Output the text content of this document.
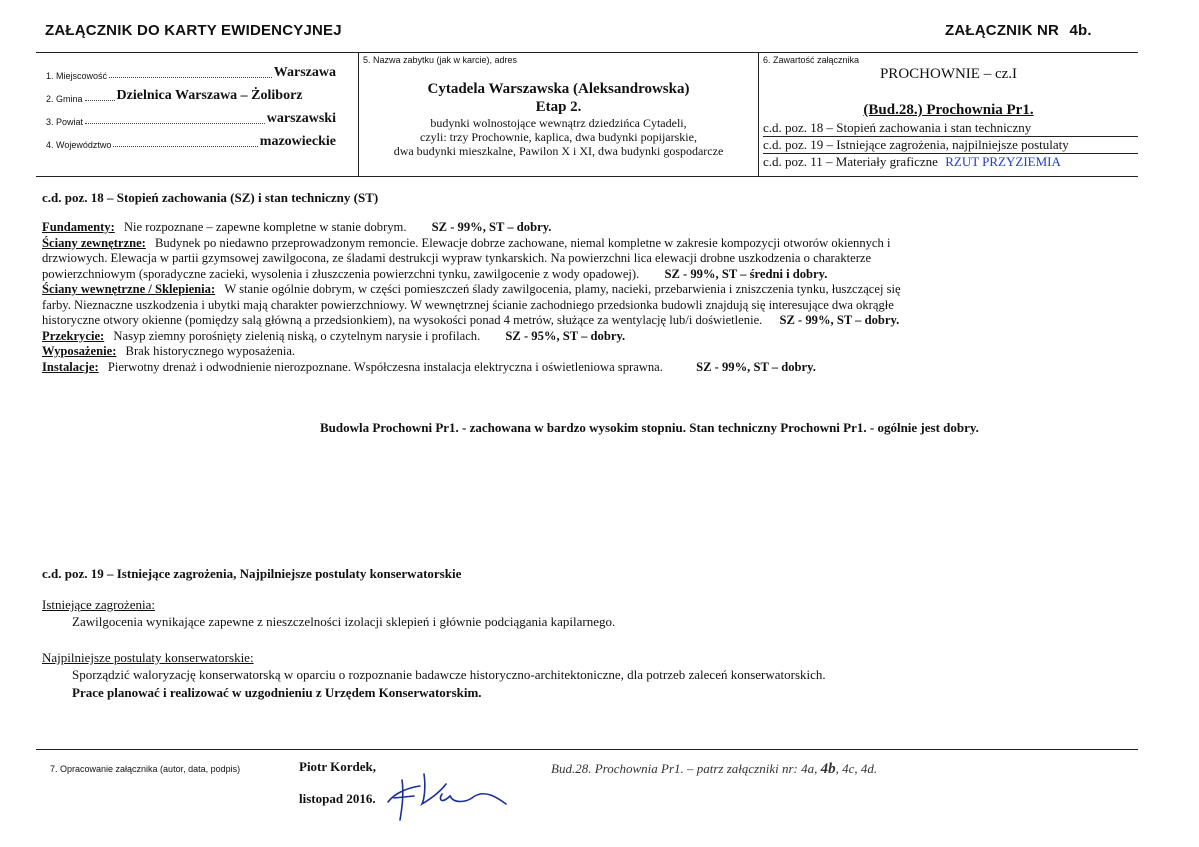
ZAŁĄCZNIK DO KARTY EWIDENCYJNEJ	ZAŁĄCZNIK NR 4b.
1. Miejscowość	Warszawa
2. Gmina Dzielnica Warszawa – Żoliborz
3. Powiat	warszawski
4. Województwo	mazowieckie
5. Nazwa zabytku (jak w karcie), adres
Cytadela Warszawska (Aleksandrowska)
Etap 2.
budynki wolnostojące wewnątrz dziedzińca Cytadeli,
czyli: trzy Prochownie, kaplica, dwa budynki popijarskie,
dwa budynki mieszkalne, Pawilon X i XI, dwa budynki gospodarcze
6. Zawartość załącznika
PROCHOWNIE – cz.I
(Bud.28.) Prochownia Pr1.
c.d. poz. 18 – Stopień zachowania i stan techniczny
c.d. poz. 19 – Istniejące zagrożenia, najpilniejsze postulaty
c.d. poz. 11 – Materiały graficzne RZUT PRZYZIEMIA
c.d. poz. 18 – Stopień zachowania (SZ) i stan techniczny (ST)

Fundamenty: Nie rozpoznane – zapewne kompletne w stanie dobrym. SZ - 99%, ST – dobry.

Ściany zewnętrzne: Budynek po niedawno przeprowadzonym remoncie. Elewacje dobrze zachowane, niemal kompletne w zakresie kompozycji otworów okiennych i

drzwiowych. Elewacja w partii gzymsowej zawilgocona, ze śladami destrukcji wypraw tynkarskich. Na powierzchni lica elewacji drobne uszkodzenia o charakterze

powierzchniowym (sporadyczne zacieki, wysolenia i złuszczenia powierzchni tynku, zawilgocenie z wody opadowej). SZ - 99%, ST – średni i dobry.

Ściany wewnętrzne / Sklepienia: W stanie ogólnie dobrym, w części pomieszczeń ślady zawilgocenia, plamy, nacieki, przebarwienia i zniszczenia tynku, łuszczącej się

farby. Nieznaczne uszkodzenia i ubytki mają charakter powierzchniowy. W wewnętrznej ścianie zachodniego przedsionka budowli znajdują się interesujące dwa okrągłe

historyczne otwory okienne (pomiędzy salą główną a przedsionkiem), na wysokości ponad 4 metrów, służące za wentylację lub/i doświetlenie. SZ - 99%, ST – dobry.

Przekrycie: Nasyp ziemny porośnięty zielenią niską, o czytelnym narysie i profilach. SZ - 95%, ST – dobry.

Wyposażenie: Brak historycznego wyposażenia.

Instalacje: Pierwotny drenaż i odwodnienie nierozpoznane. Współczesna instalacja elektryczna i oświetleniowa sprawna.	SZ - 99%, ST – dobry.

Budowla Prochowni Pr1. - zachowana w bardzo wysokim stopniu. Stan techniczny Prochowni Pr1. - ogólnie jest dobry.
c.d. poz. 19 – Istniejące zagrożenia, Najpilniejsze postulaty konserwatorskie
Istniejące zagrożenia:
Zawilgocenia wynikające zapewne z nieszczelności izolacji sklepień i głównie podciągania kapilarnego.
Najpilniejsze postulaty konserwatorskie:
Sporządzić waloryzację konserwatorską w oparciu o rozpoznanie badawcze historyczno-architektoniczne, dla potrzeb zaleceń konserwatorskich.
Prace planować i realizować w uzgodnieniu z Urzędem Konserwatorskim.
7. Opracowanie załącznika (autor, data, podpis)	Piotr Kordek,
listopad 2016.
Bud.28. Prochownia Pr1. – patrz załączniki nr: 4a, 4b, 4c, 4d.
